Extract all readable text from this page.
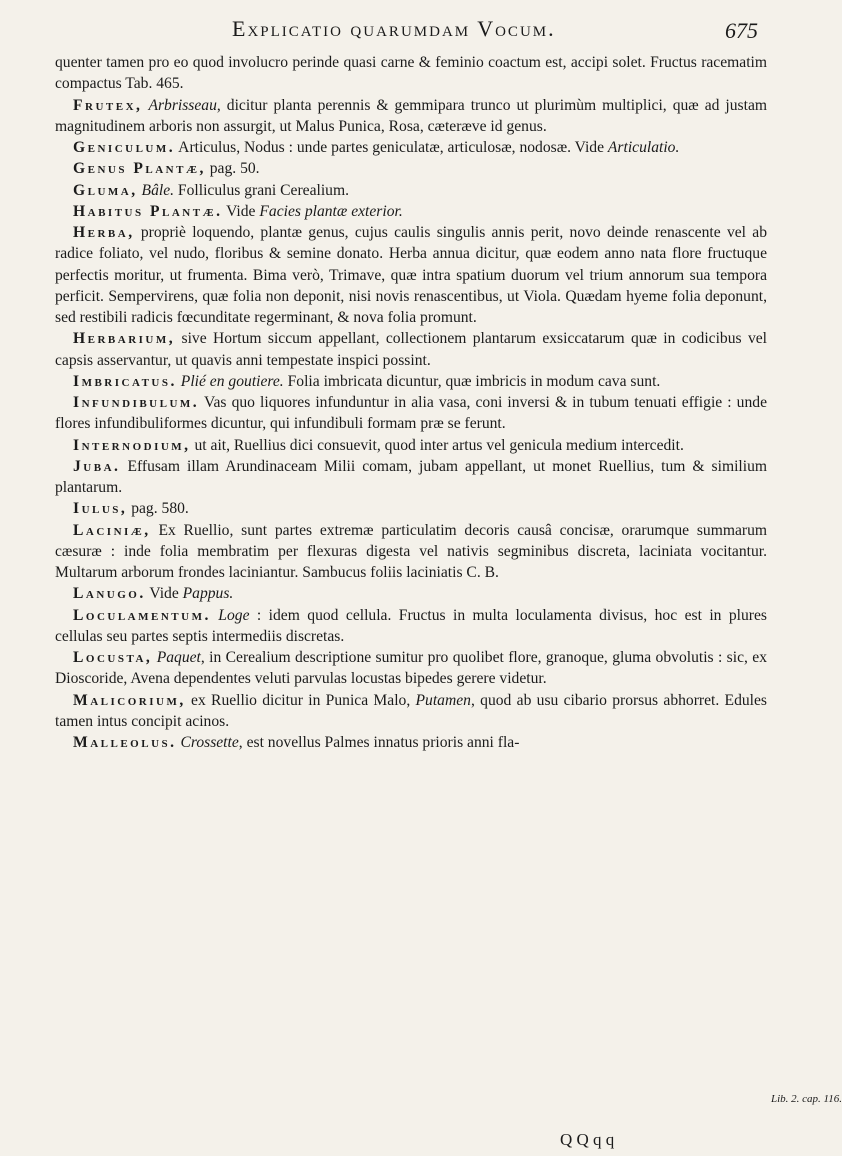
Explicatio quarumdam Vocum.	675

quenter tamen pro eo quod involucro perinde quasi carne & feminio coactum est, accipi solet. Fructus racematim compactus Tab. 465.

Frutex, Arbrisseau, dicitur planta perennis & gemmipara trunco ut plurimùm multiplici, quæ ad justam magnitudinem arboris non assurgit, ut Malus Punica, Rosa, cæteræve id genus.

Geniculum. Articulus, Nodus : unde partes geniculatæ, articulosæ, nodosæ. Vide Articulatio.

Genus Plantæ, pag. 50.

Gluma, Bâle. Folliculus grani Cerealium.

Habitus Plantæ. Vide Facies plantæ exterior.

Herba, propriè loquendo, plantæ genus, cujus caulis singulis annis perit, novo deinde renascente vel ab radice foliato, vel nudo, floribus & semine donato. Herba annua dicitur, quæ eodem anno nata flore fructuque perfectis moritur, ut frumenta. Bima verò, Trimave, quæ intra spatium duorum vel trium annorum sua tempora perficit. Sempervirens, quæ folia non deponit, nisi novis renascentibus, ut Viola. Quædam hyeme folia deponunt, sed restibili radicis fœcunditate regerminant, & nova folia promunt.

Herbarium, sive Hortum siccum appellant, collectionem plantarum exsiccatarum quæ in codicibus vel capsis asservantur, ut quavis anni tempestate inspici possint.

Imbricatus. Plié en goutiere. Folia imbricata dicuntur, quæ imbricis in modum cava sunt.

Infundibulum. Vas quo liquores infunduntur in alia vasa, coni inversi & in tubum tenuati effigie : unde flores infundibuliformes dicuntur, qui infundibuli formam præ se ferunt.

Internodium, ut ait, Ruellius dici consuevit, quod inter artus vel genicula medium intercedit.

Juba. Effusam illam Arundinaceam Milii comam, jubam appellant, ut monet Ruellius, tum & similium plantarum.

Iulus, pag. 580.

Laciniæ, Ex Ruellio, sunt partes extremæ particulatim decoris causâ concisæ, orarumque summarum cæsuræ : inde folia membratim per flexuras digesta vel nativis segminibus discreta, laciniata vocitantur. Multarum arborum frondes laciniantur. Sambucus foliis laciniatis C. B.

Lanugo. Vide Pappus.

Loculamentum. Loge : idem quod cellula. Fructus in multa loculamenta divisus, hoc est in plures cellulas seu partes septis intermediis discretas.

Locusta, Paquet, in Cerealium descriptione sumitur pro quolibet flore, granoque, gluma obvolutis : sic, ex Dioscoride, Avena dependentes veluti parvulas locustas bipedes gerere videtur.

Malicorium, ex Ruellio dicitur in Punica Malo, Putamen, quod ab usu cibario prorsus abhorret. Edules tamen intus concipit acinos.

Malleolus. Crossette, est novellus Palmes innatus prioris anni fla-

Lib. 2. cap. 116.
Q Q q q
